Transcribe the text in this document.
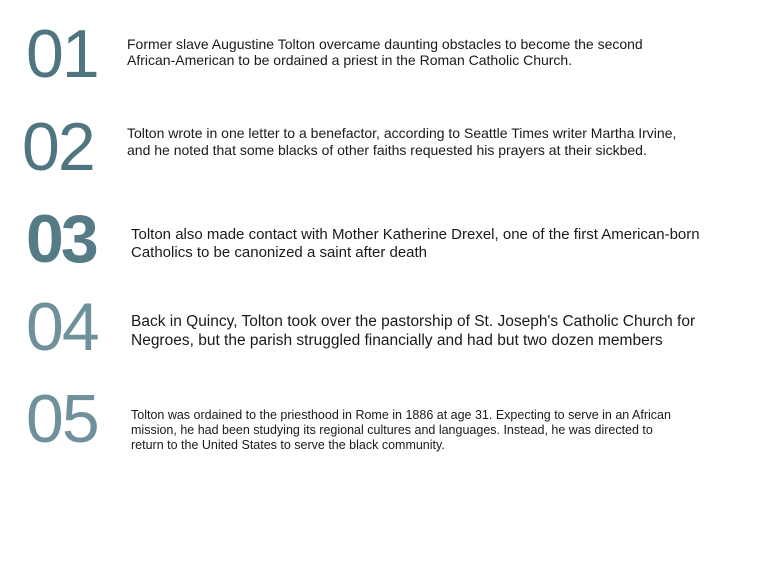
01 Former slave Augustine Tolton overcame daunting obstacles to become the second
African-American to be ordained a priest in the Roman Catholic Church.
02 Tolton wrote in one letter to a benefactor, according to Seattle Times writer Martha Irvine,
and he noted that some blacks of other faiths requested his prayers at their sickbed.
03 Tolton also made contact with Mother Katherine Drexel, one of the first American-born
Catholics to be canonized a saint after death
04 Back in Quincy, Tolton took over the pastorship of St. Joseph's Catholic Church for
Negroes, but the parish struggled financially and had but two dozen members
05	Tolton was ordained to the priesthood in Rome in 1886 at age 31. Expecting to serve in an African
mission, he had been studying its regional cultures and languages. Instead, he was directed to
return to the United States to serve the black community.
